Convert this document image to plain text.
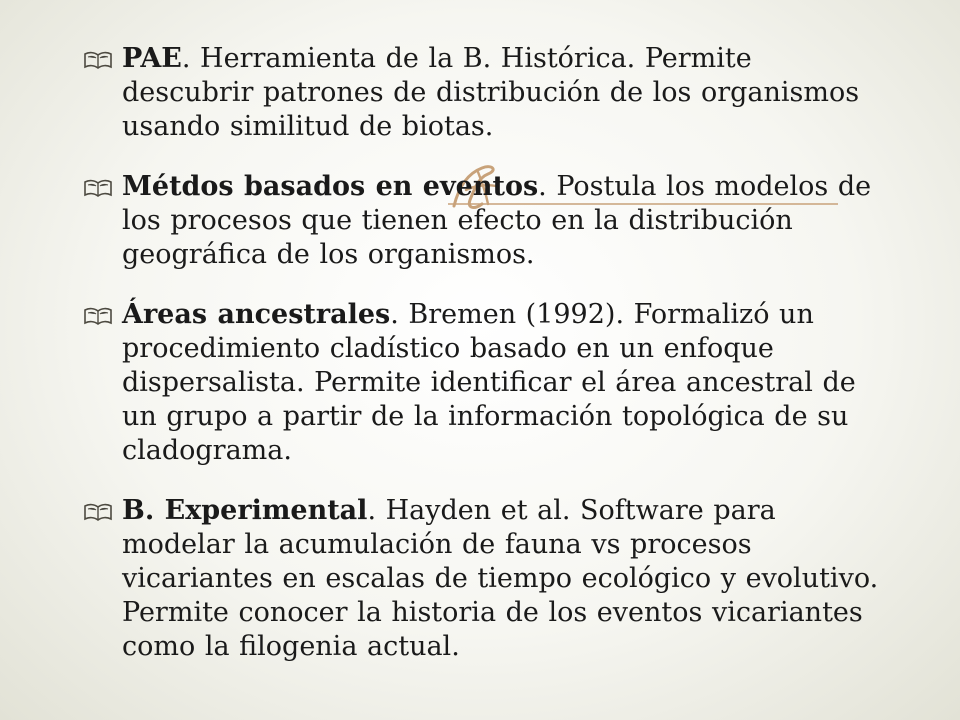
PAE. Herramienta de la B. Histórica. Permite descubrir patrones de distribución de los organismos usando similitud de biotas.
Métdos basados en eventos. Postula los modelos de los procesos que tienen efecto en la distribución geográfica de los organismos.
Áreas ancestrales. Bremen (1992). Formalizó un procedimiento cladístico basado en un enfoque dispersalista. Permite identificar el área ancestral de un grupo a partir de la información topológica de su cladograma.
B. Experimental. Hayden et al. Software para modelar la acumulación de fauna vs procesos vicariantes en escalas de tiempo ecológico y evolutivo. Permite conocer la historia de los eventos vicariantes como la filogenia actual.
